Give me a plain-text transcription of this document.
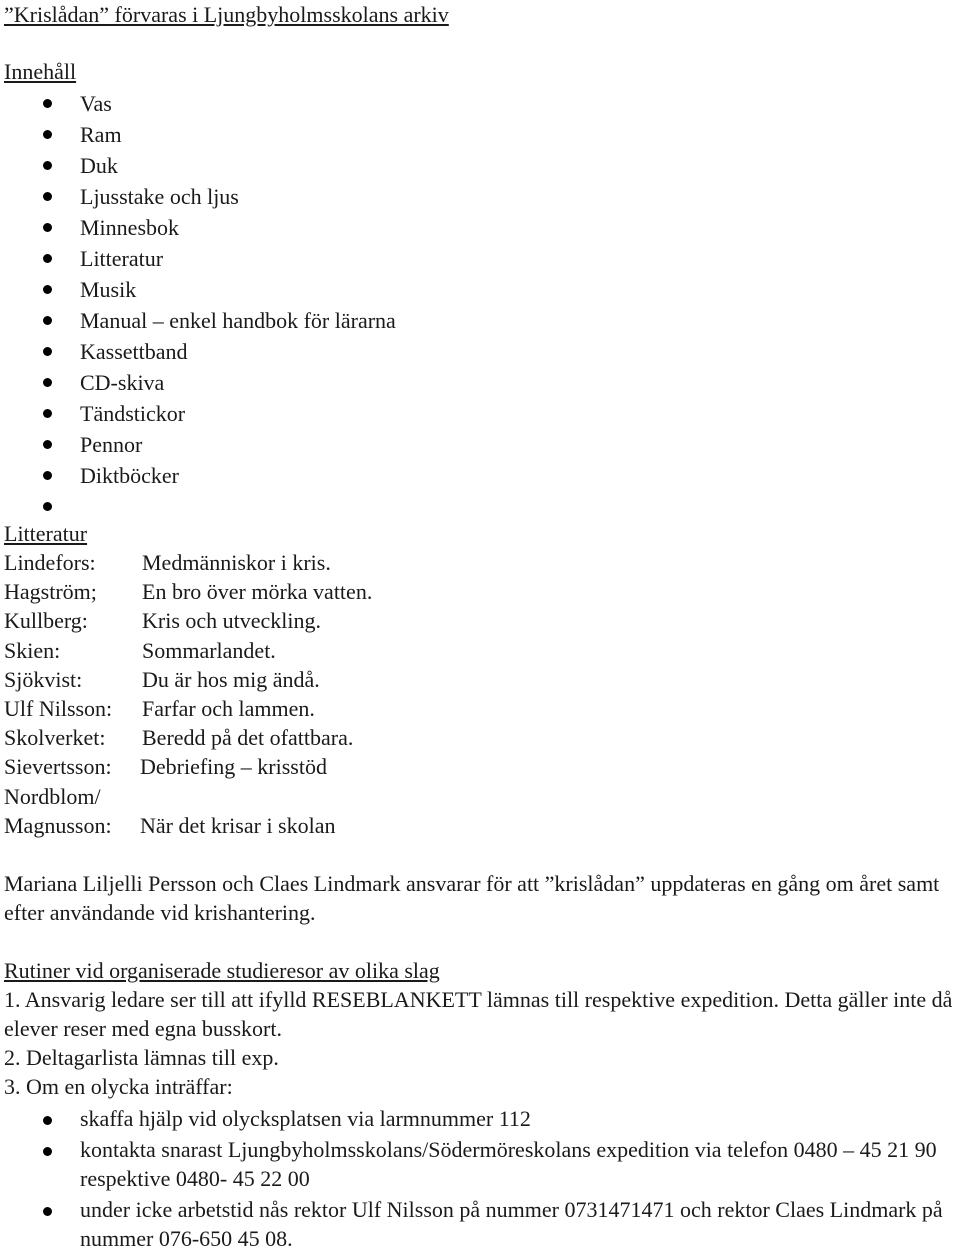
”Krislådan” förvaras i Ljungbyholmsskolans arkiv
Innehåll
Vas
Ram
Duk
Ljusstake och ljus
Minnesbok
Litteratur
Musik
Manual – enkel handbok för lärarna
Kassettband
CD-skiva
Tändstickor
Pennor
Diktböcker
Litteratur
Lindefors:	Medmänniskor i kris.
Hagström;	En bro över mörka vatten.
Kullberg:	Kris och utveckling.
Skien:	Sommarlandet.
Sjökvist:	Du är hos mig ändå.
Ulf Nilsson:	Farfar och lammen.
Skolverket:	Beredd på det ofattbara.
Sievertsson:	Debriefing – krisstöd
Nordblom/
Magnusson:	När det krisar i skolan
Mariana Liljelli Persson och Claes Lindmark ansvarar för att ”krislådan” uppdateras en gång om året samt efter användande vid krishantering.
Rutiner vid organiserade studieresor av olika slag
1. Ansvarig ledare ser till att ifylld RESEBLANKETT lämnas till respektive expedition. Detta gäller inte då elever reser med egna busskort.
2. Deltagarlista lämnas till exp.
3. Om en olycka inträffar:
skaffa hjälp vid olycksplatsen via larmnummer 112
kontakta snarast Ljungbyholmsskolans/Södermöreskolans expedition via telefon 0480 – 45 21 90 respektive 0480- 45 22 00
under icke arbetstid nås rektor Ulf Nilsson på nummer 0731471471 och rektor Claes Lindmark på nummer 076-650 45 08.
